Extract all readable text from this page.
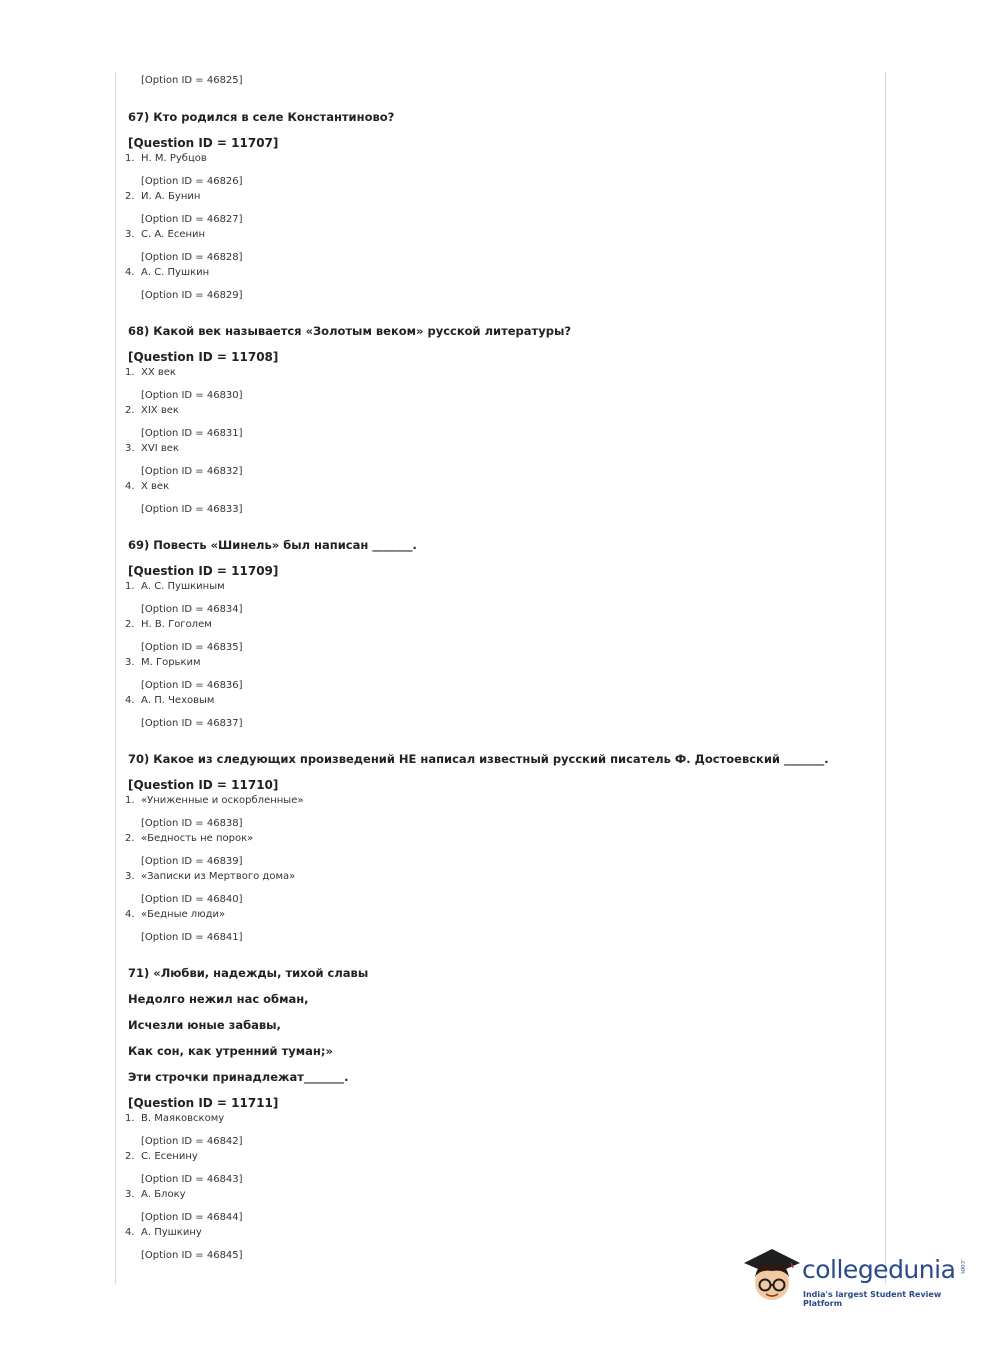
[Option ID = 46825]
67) Кто родился в селе Константиново?
[Question ID = 11707]
1. Н. М. Рубцов
[Option ID = 46826]
2. И. А. Бунин
[Option ID = 46827]
3. С. А. Есенин
[Option ID = 46828]
4. А. С. Пушкин
[Option ID = 46829]
68) Какой век называется «Золотым веком» русской литературы?
[Question ID = 11708]
1. XX век
[Option ID = 46830]
2. XIX век
[Option ID = 46831]
3. XVI век
[Option ID = 46832]
4. X век
[Option ID = 46833]
69) Повесть «Шинель» был написан _______.
[Question ID = 11709]
1. А. С. Пушкиным
[Option ID = 46834]
2. Н. В. Гоголем
[Option ID = 46835]
3. М. Горьким
[Option ID = 46836]
4. А. П. Чеховым
[Option ID = 46837]
70) Какое из следующих произведений НЕ написал известный русский писатель Ф. Достоевский _______.
[Question ID = 11710]
1. «Униженные и оскорбленные»
[Option ID = 46838]
2. «Бедность не порок»
[Option ID = 46839]
3. «Записки из Мертвого дома»
[Option ID = 46840]
4. «Бедные люди»
[Option ID = 46841]
71) «Любви, надежды, тихой славы
Недолго нежил нас обман,
Исчезли юные забавы,
Как сон, как утренний туман;»
Эти строчки принадлежат_______.
[Question ID = 11711]
1. В. Маяковскому
[Option ID = 46842]
2. С. Есенину
[Option ID = 46843]
3. А. Блоку
[Option ID = 46844]
4. А. Пушкину
[Option ID = 46845]	collegedunia .com
India's largest Student Review Platform
